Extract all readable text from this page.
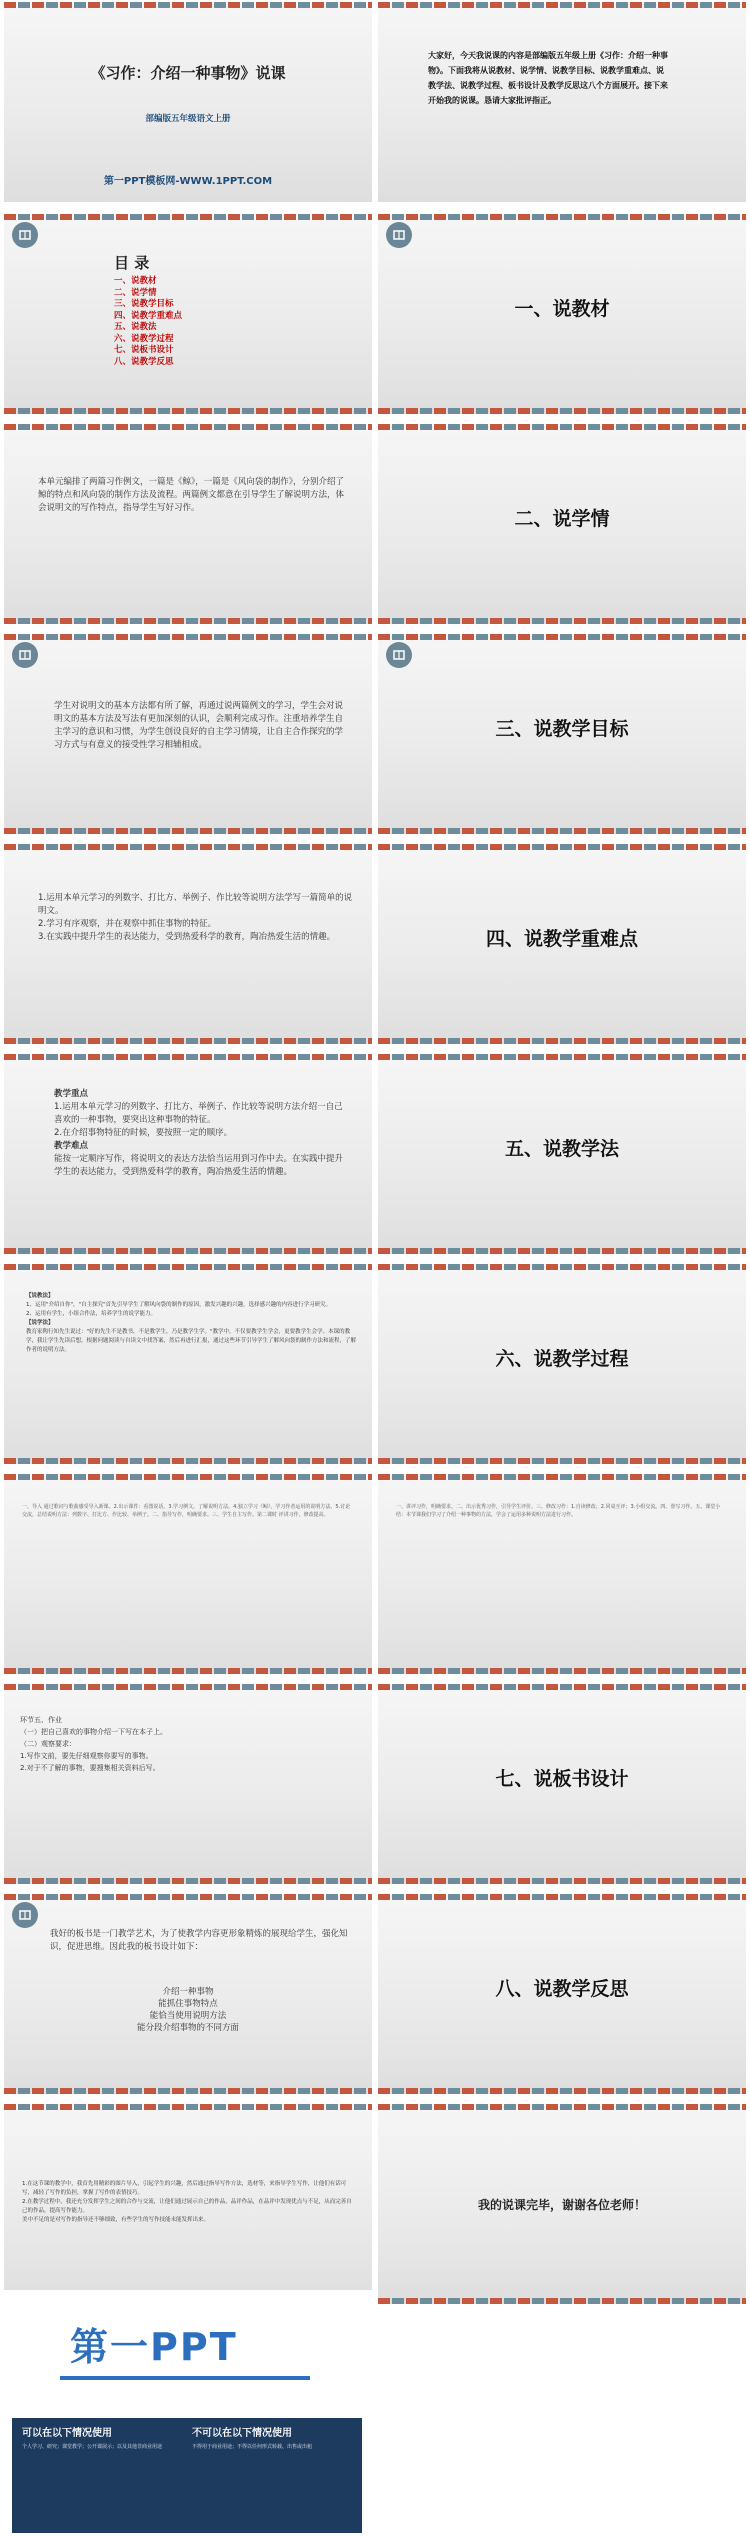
《习作：介绍一种事物》说课
部编版五年级语文上册
第一PPT模板网-WWW.1PPT.COM
大家好，今天我说课的内容是部编版五年级上册《习作：介绍一种事物》。下面我将从说教材、说学情、说教学目标、说教学重难点、说教学法、说教学过程、板书设计及教学反思这八个方面展开。接下来开始我的说课。恳请大家批评指正。
目 录
一、说教材
二、说学情
三、说教学目标
四、说教学重难点
五、说教法
六、说教学过程
七、说板书设计
八、说教学反思
一、说教材
本单元编排了两篇习作例文，一篇是《鲸》，一篇是《风向袋的制作》，分别介绍了鲸的特点和风向袋的制作方法及流程。两篇例文都意在引导学生了解说明方法，体会说明文的写作特点，指导学生写好习作。	二、说学情
学生对说明文的基本方法都有所了解，再通过说两篇例文的学习，学生会对说明文的基本方法及写法有更加深刻的认识，会顺利完成习作。注重培养学生自主学习的意识和习惯，为学生创设良好的自主学习情境，让自主合作探究的学习方式与有意义的接受性学习相辅相成。
三、说教学目标
1.运用本单元学习的列数字、打比方、举例子、作比较等说明方法学写一篇简单的说明文。
2.学习有序观察，并在观察中抓住事物的特征。
3.在实践中提升学生的表达能力，受到热爱科学的教育，陶冶热爱生活的情趣。	四、说教学重难点
教学重点
1.运用本单元学习的列数字、打比方、举例子、作比较等说明方法介绍一自己喜欢的一种事物，要突出这种事物的特征。
2.在介绍事物特征的时候，要按照一定的顺序。
教学难点
能按一定顺序写作，将说明文的表达方法恰当运用到习作中去。在实践中提升学生的表达能力，受到热爱科学的教育，陶冶热爱生活的情趣。
五、说教学法
【说教法】
1、运用"介绍自你"，"自主探究"首先引导学生了解风向袋的制作的原因，激发兴趣的兴趣，选择感兴趣的内容进行学习研究。
2、运用有学生，小组合作法，培养学生的说学能力。
【说学法】
教育家陶行知先生说过："好的先生不是教书，不是教学生，乃是教学生学。"教学中，不仅要教学生学会，更要教学生会学。本课的教学，我让学生先读后想，根据问题阅读与自读文中找答案，然后再进行汇报，通过这些环节引导学生了解风向袋的制作方法和流程，了解作者的说明方法。	六、说教学过程
一、导入 通过歌词与歌曲感受导入新课。2.出示课件：看图说话。3.学习例文，了解说明方法。4.独立学习《鲸》，学习作者运用的说明方法。5.讨论交流，总结说明方法：列数字、打比方、作比较、举例子。二、指导写作，明确要求。三、学生自主写作。第二课时 评讲习作，修改提高。
一、讲评习作，明确要求。二、出示优秀习作，引导学生评价。三、修改习作：1.自读修改；2.同桌互评；3.小组交流。四、誊写习作。五、课堂小结：本节课我们学习了介绍一种事物的方法，学会了运用多种说明方法进行习作。
环节五、作业
（一）把自己喜欢的事物介绍一下写在本子上。
（二）观察要求：
1.写作文前，要先仔细观察你要写的事物。
2.对于不了解的事物，要搜集相关资料后写。	七、说板书设计
我好的板书是一门教学艺术，为了使教学内容更形象精炼的展现给学生，强化知识，促进思维。因此我的板书设计如下：
介绍一种事物
能抓住事物特点
能恰当使用说明方法
能分段介绍事物的不同方面
八、说教学反思
1.在这节课的教学中，我首先用精彩的图片导入，引起学生的兴趣，然后通过指导写作方法，选材等，来指导学生写作，让他们有话可写，减轻了写作的负担，掌握了写作的表情技巧。
2.在教学过程中，我还充分发挥学生之间的合作与交流，让他们通过展示自己的作品，品评作品，在品评中发现优点与不足，从而完善自己的作品，提高写作能力。
美中不足的是对写作的指导还不够细致，有些学生的写作技能未能发挥出来。
我的说课完毕，谢谢各位老师！
第一PPT
可以在以下情况使用	不可以在以下情况使用
个人学习、研究；课堂教学；公开课展示；以及其他非商业用途	不得用于商业用途；不得以任何形式转载、出售或出租
